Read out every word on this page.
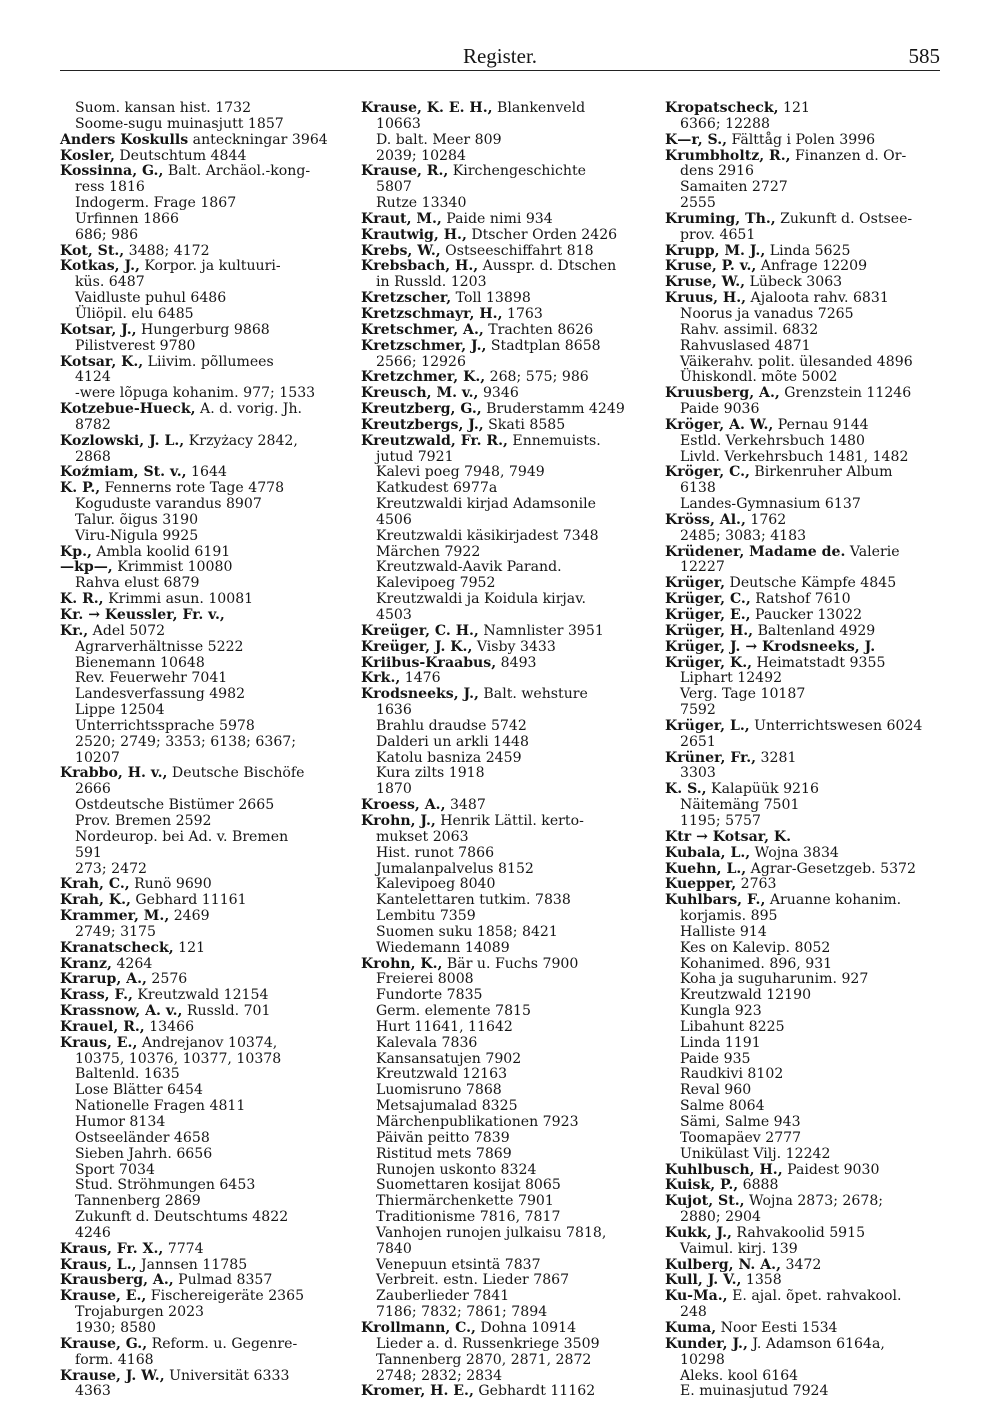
Register.	585
Suom. kansan hist. 1732
Soome-sugu muinasjutt 1857
Anders Koskulls anteckningar 3964
Kosler, Deutschtum 4844
Kossinna, G., Balt. Archäol.-kong-
ress 1816
Indogerm. Frage 1867
Urfinnen 1866
686; 986
Kot, St., 3488; 4172
Kotkas, J., Korpor. ja kultuuri-
küs. 6487
Vaidluste puhul 6486
Üliöpil. elu 6485
Kotsar, J., Hungerburg 9868
Pilistverest 9780
Kotsar, K., Liivim. põllumees
4124
-were lõpuga kohanim. 977; 1533
Kotzebue-Hueck, A. d. vorig. Jh.
8782
Kozlowski, J. L., Krzyżacy 2842,
2868
Koźmiam, St. v., 1644
K. P., Fennerns rote Tage 4778
Koguduste varandus 8907
Talur. õigus 3190
Viru-Nigula 9925
Kp., Ambla koolid 6191
—kp—, Krimmist 10080
Rahva elust 6879
K. R., Krimmi asun. 10081
Kr. → Keussler, Fr. v.,
Kr., Adel 5072
Agrarverhältnisse 5222
Bienemann 10648
Rev. Feuerwehr 7041
Landesverfassung 4982
Lippe 12504
Unterrichtssprache 5978
2520; 2749; 3353; 6138; 6367;
10207
Krabbo, H. v., Deutsche Bischöfe
2666
Ostdeutsche Bistümer 2665
Prov. Bremen 2592
Nordeurop. bei Ad. v. Bremen
591
273; 2472
Krah, C., Runö 9690
Krah, K., Gebhard 11161
Krammer, M., 2469
2749; 3175
Kranatscheck, 121
Kranz, 4264
Krarup, A., 2576
Krass, F., Kreutzwald 12154
Krassnow, A. v., Russld. 701
Krauel, R., 13466
Kraus, E., Andrejanov 10374,
10375, 10376, 10377, 10378
Baltenld. 1635
Lose Blätter 6454
Nationelle Fragen 4811
Humor 8134
Ostseeländer 4658
Sieben Jahrh. 6656
Sport 7034
Stud. Ströhmungen 6453
Tannenberg 2869
Zukunft d. Deutschtums 4822
4246
Kraus, Fr. X., 7774
Kraus, L., Jannsen 11785
Krausberg, A., Pulmad 8357
Krause, E., Fischereigeräte 2365
Trojaburgen 2023
1930; 8580
Krause, G., Reform. u. Gegenre-
form. 4168
Krause, J. W., Universität 6333
4363
Krause, K. E. H., Blankenveld
10663
D. balt. Meer 809
2039; 10284
Krause, R., Kirchengeschichte
5807
Rutze 13340
Kraut, M., Paide nimi 934
Krautwig, H., Dtscher Orden 2426
Krebs, W., Ostseeschiffahrt 818
Krebsbach, H., Ausspr. d. Dtschen
in Russld. 1203
Kretzscher, Toll 13898
Kretzschmayr, H., 1763
Kretschmer, A., Trachten 8626
Kretzschmer, J., Stadtplan 8658
2566; 12926
Kretzchmer, K., 268; 575; 986
Kreusch, M. v., 9346
Kreutzberg, G., Bruderstamm 4249
Kreutzbergs, J., Skati 8585
Kreutzwald, Fr. R., Ennemuists.
jutud 7921
Kalevi poeg 7948, 7949
Katkudest 6977a
Kreutzwaldi kirjad Adamsonile
4506
Kreutzwaldi käsikirjadest 7348
Märchen 7922
Kreutzwald-Aavik Parand.
Kalevipoeg 7952
Kreutzwaldi ja Koidula kirjav.
4503
Kreüger, C. H., Namnlister 3951
Kreüger, J. K., Visby 3433
Kriibus-Kraabus, 8493
Krk., 1476
Krodsneeks, J., Balt. wehsture
1636
Brahlu draudse 5742
Dalderi un arkli 1448
Katolu basniza 2459
Kura zilts 1918
1870
Kroess, A., 3487
Krohn, J., Henrik Lättil. kerto-
mukset 2063
Hist. runot 7866
Jumalanpalvelus 8152
Kalevipoeg 8040
Kantelettaren tutkim. 7838
Lembitu 7359
Suomen suku 1858; 8421
Wiedemann 14089
Krohn, K., Bär u. Fuchs 7900
Freierei 8008
Fundorte 7835
Germ. elemente 7815
Hurt 11641, 11642
Kalevala 7836
Kansansatujen 7902
Kreutzwald 12163
Luomisruno 7868
Metsajumalad 8325
Märchenpublikationen 7923
Päivän peitto 7839
Ristitud mets 7869
Runojen uskonto 8324
Suomettaren kosijat 8065
Thiermärchenkette 7901
Traditionisme 7816, 7817
Vanhojen runojen julkaisu 7818,
7840
Venepuun etsintä 7837
Verbreit. estn. Lieder 7867
Zauberlieder 7841
7186; 7832; 7861; 7894
Krollmann, C., Dohna 10914
Lieder a. d. Russenkriege 3509
Tannenberg 2870, 2871, 2872
2748; 2832; 2834
Kromer, H. E., Gebhardt 11162
Kropatscheck, 121
6366; 12288
K—r, S., Fälttåg i Polen 3996
Krumbholtz, R., Finanzen d. Or-
dens 2916
Samaiten 2727
2555
Kruming, Th., Zukunft d. Ostsee-
prov. 4651
Krupp, M. J., Linda 5625
Kruse, P. v., Anfrage 12209
Kruse, W., Lübeck 3063
Kruus, H., Ajaloota rahv. 6831
Noorus ja vanadus 7265
Rahv. assimil. 6832
Rahvuslased 4871
Väikerahv. polit. ülesanded 4896
Ühiskondl. mõte 5002
Kruusberg, A., Grenzstein 11246
Paide 9036
Kröger, A. W., Pernau 9144
Estld. Verkehrsbuch 1480
Livld. Verkehrsbuch 1481, 1482
Kröger, C., Birkenruher Album
6138
Landes-Gymnasium 6137
Kröss, Al., 1762
2485; 3083; 4183
Krüdener, Madame de. Valerie
12227
Krüger, Deutsche Kämpfe 4845
Krüger, C., Ratshof 7610
Krüger, E., Paucker 13022
Krüger, H., Baltenland 4929
Krüger, J. → Krodsneeks, J.
Krüger, K., Heimatstadt 9355
Liphart 12492
Verg. Tage 10187
7592
Krüger, L., Unterrichtswesen 6024
2651
Krüner, Fr., 3281
3303
K. S., Kalapüük 9216
Näitemäng 7501
1195; 5757
Ktr → Kotsar, K.
Kubala, L., Wojna 3834
Kuehn, L., Agrar-Gesetzgeb. 5372
Kuepper, 2763
Kuhlbars, F., Aruanne kohanim.
korjamis. 895
Halliste 914
Kes on Kalevip. 8052
Kohanimed. 896, 931
Koha ja suguharunim. 927
Kreutzwald 12190
Kungla 923
Libahunt 8225
Linda 1191
Paide 935
Raudkivi 8102
Reval 960
Salme 8064
Sämi, Salme 943
Toomapäev 2777
Unikülast Vilj. 12242
Kuhlbusch, H., Paidest 9030
Kuisk, P., 6888
Kujot, St., Wojna 2873; 2678;
2880; 2904
Kukk, J., Rahvakoolid 5915
Vaimul. kirj. 139
Kulberg, N. A., 3472
Kull, J. V., 1358
Ku-Ma., E. ajal. õpet. rahvakool.
248
Kuma, Noor Eesti 1534
Kunder, J., J. Adamson 6164a,
10298
Aleks. kool 6164
E. muinasjutud 7924
